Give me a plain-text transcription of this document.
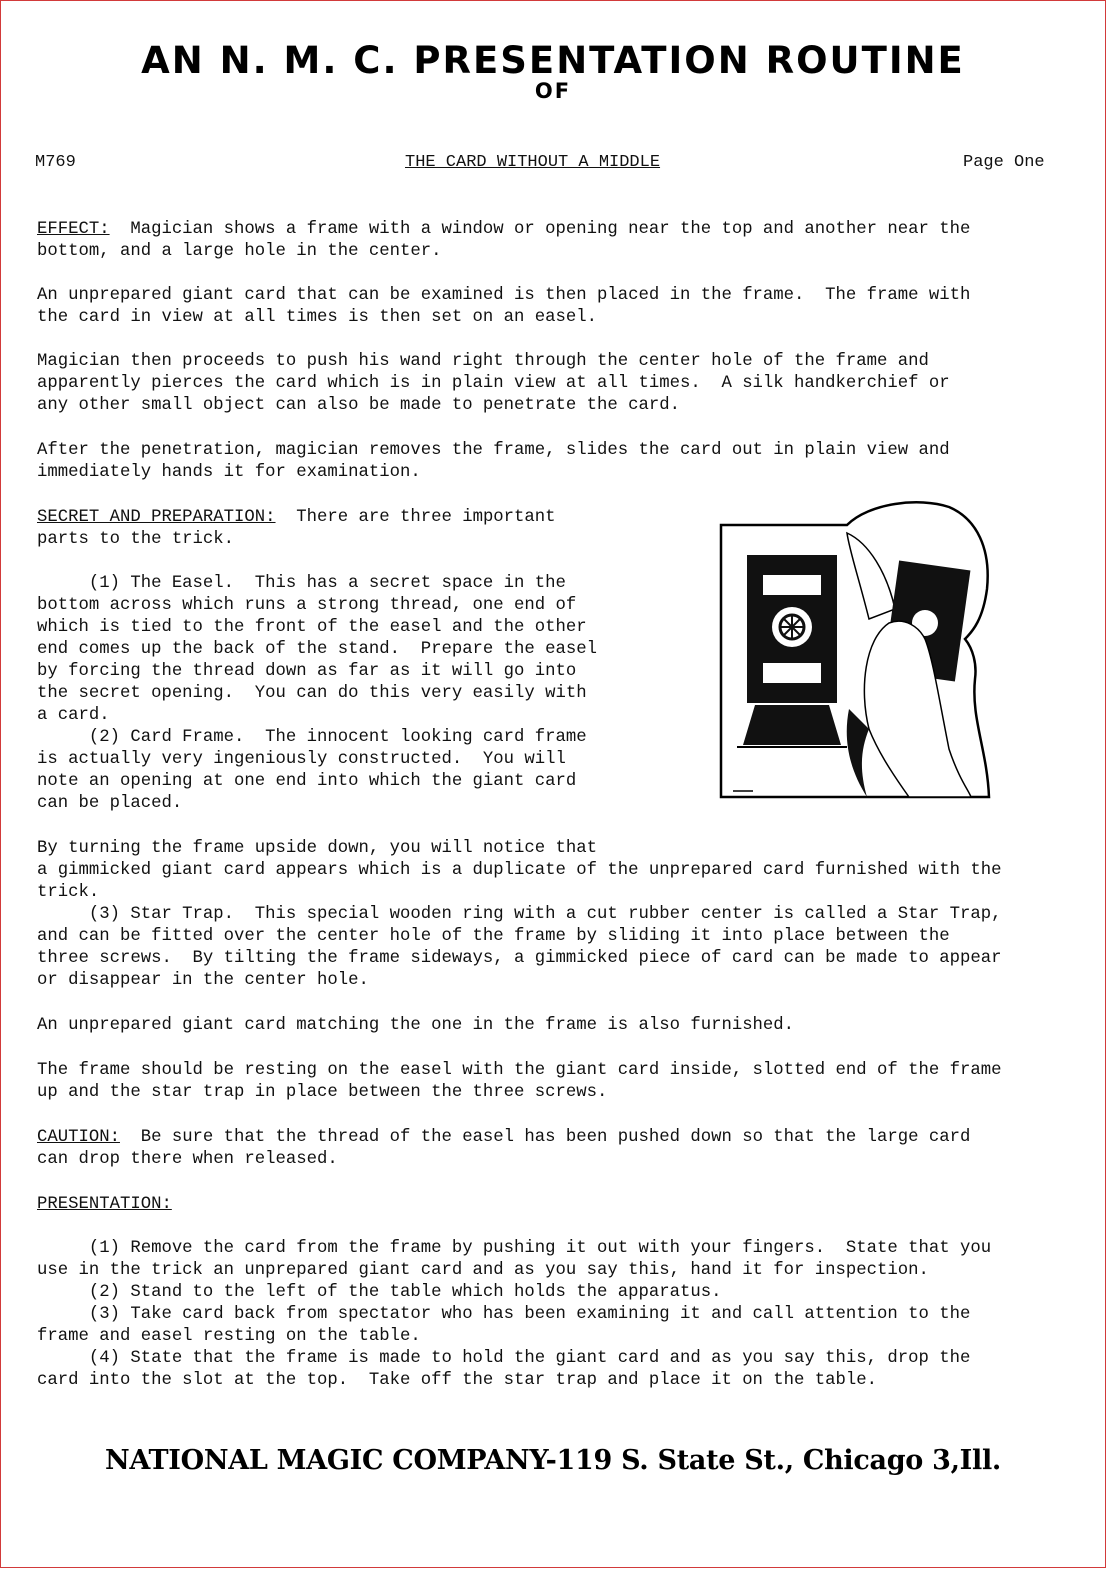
AN N. M. C. PRESENTATION ROUTINE
OF
M769	THE CARD WITHOUT A MIDDLE	Page One

EFFECT:  Magician shows a frame with a window or opening near the top and another near the

bottom, and a large hole in the center.

An unprepared giant card that can be examined is then placed in the frame.  The frame with
the card in view at all times is then set on an easel.

Magician then proceeds to push his wand right through the center hole of the frame and
apparently pierces the card which is in plain view at all times.  A silk handkerchief or
any other small object can also be made to penetrate the card.

After the penetration, magician removes the frame, slides the card out in plain view and
immediately hands it for examination.

SECRET AND PREPARATION:  There are three important

parts to the trick.

(1) The Easel.  This has a secret space in the
bottom across which runs a strong thread, one end of
which is tied to the front of the easel and the other
end comes up the back of the stand.  Prepare the easel
by forcing the thread down as far as it will go into
the secret opening.  You can do this very easily with
a card.
(2) Card Frame.  The innocent looking card frame
is actually very ingeniously constructed.  You will
note an opening at one end into which the giant card
can be placed.

By turning the frame upside down, you will notice that
a gimmicked giant card appears which is a duplicate of the unprepared card furnished with the
trick.
(3) Star Trap.  This special wooden ring with a cut rubber center is called a Star Trap,
and can be fitted over the center hole of the frame by sliding it into place between the
three screws.  By tilting the frame sideways, a gimmicked piece of card can be made to appear
or disappear in the center hole.

An unprepared giant card matching the one in the frame is also furnished.

The frame should be resting on the easel with the giant card inside, slotted end of the frame
up and the star trap in place between the three screws.

CAUTION:  Be sure that the thread of the easel has been pushed down so that the large card

can drop there when released.

PRESENTATION:

(1) Remove the card from the frame by pushing it out with your fingers.  State that you
use in the trick an unprepared giant card and as you say this, hand it for inspection.
(2) Stand to the left of the table which holds the apparatus.
(3) Take card back from spectator who has been examining it and call attention to the
frame and easel resting on the table.
(4) State that the frame is made to hold the giant card and as you say this, drop the
card into the slot at the top.  Take off the star trap and place it on the table.

NATIONAL MAGIC COMPANY-119 S. State St., Chicago 3,Ill.
